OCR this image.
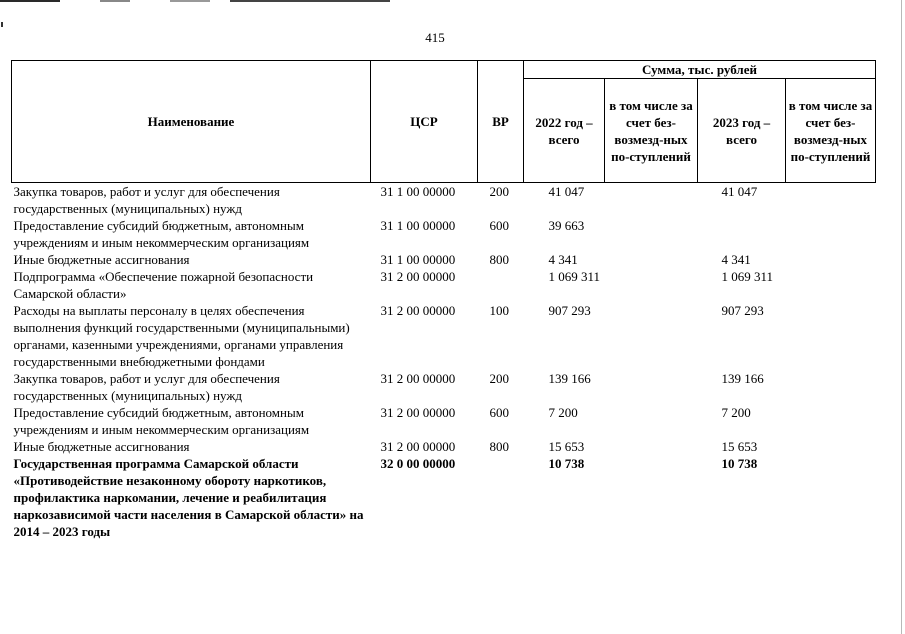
415
Наименование	ЦСР	ВР	Сумма, тыс. рублей			
			2022 год – всего	в том числе за счет без-возмезд-ных по-ступлений	2023 год – всего	в том числе за счет без-возмезд-ных по-ступлений
Закупка товаров, работ и услуг для обеспечения государственных (муниципальных) нужд	31 1 00 00000	200	41 047		41 047	
Предоставление субсидий бюджетным, автономным учреждениям и иным некоммерческим организациям	31 1 00 00000	600	39 663			
Иные бюджетные ассигнования	31 1 00 00000	800	4 341		4 341	
Подпрограмма «Обеспечение пожарной безопасности Самарской области»	31 2 00 00000		1 069 311		1 069 311	
Расходы на выплаты персоналу в целях обеспечения выполнения функций государственными (муниципальными) органами, казенными учреждениями, органами управления государственными внебюджетными фондами	31 2 00 00000	100	907 293		907 293	
Закупка товаров, работ и услуг для обеспечения государственных (муниципальных) нужд	31 2 00 00000	200	139 166		139 166	
Предоставление субсидий бюджетным, автономным учреждениям и иным некоммерческим организациям	31 2 00 00000	600	7 200		7 200	
Иные бюджетные ассигнования	31 2 00 00000	800	15 653		15 653	
Государственная программа Самарской области «Противодействие незаконному обороту наркотиков, профилактика наркомании, лечение и реабилитация наркозависимой части населения в Самарской области» на 2014 – 2023 годы	32 0 00 00000		10 738		10 738	
